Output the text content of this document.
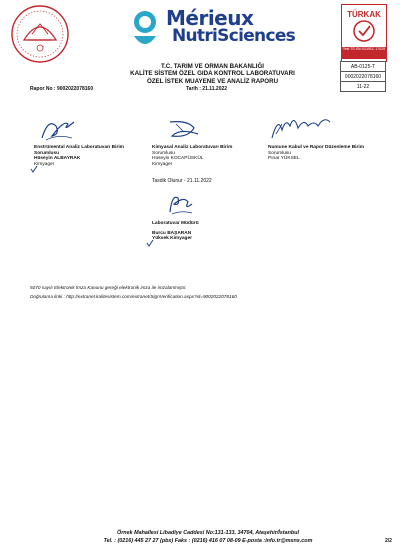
Mérieux
NutriSciences
TÜRKAK
Test TS EN ISO/IEC 17025
AB-0125-T
9002022078160
11-22
T.C. TARIM VE ORMAN BAKANLIĞI
KALİTE SİSTEM ÖZEL GIDA KONTROL LABORATUVARI
ÖZEL İSTEK MUAYENE VE ANALİZ RAPORU
Rapor No : 9002022078160	Tarih : 21.11.2022
Enstrümental Analiz Laboratuvarı Birim
Sorumlusu
Hüseyin ALBAYRAK
Kimyager
Kimyasal Analiz Laboratuvarı Birim
Sorumlusu
Hüseyin KOCAPÜSKÜL
Kimyager
Numune Kabul ve Rapor Düzenleme Birim
Sorumlusu
Pınar YÜKSEL
Tasdik Olunur - 21.11.2022
Laboratuvar Müdürü
Burcu BAŞARAN
Yüksek Kimyager
5070 sayılı Elektronik İmza Kanunu gereği elektronik imza ile imzalanmıştır.
Doğrulama linki : http://extranet.kalitesistem.com/extranet/SignVerification.aspx?id=9002022078160
Örnek Mahallesi Libadiye Caddesi No:131-133, 34704, Ataşehir/İstanbul
Tel. : (0216) 445 27 27 (pbx) Faks : (0216) 416 07 08-09 E-posta :info.tr@mxns.com	2/2
